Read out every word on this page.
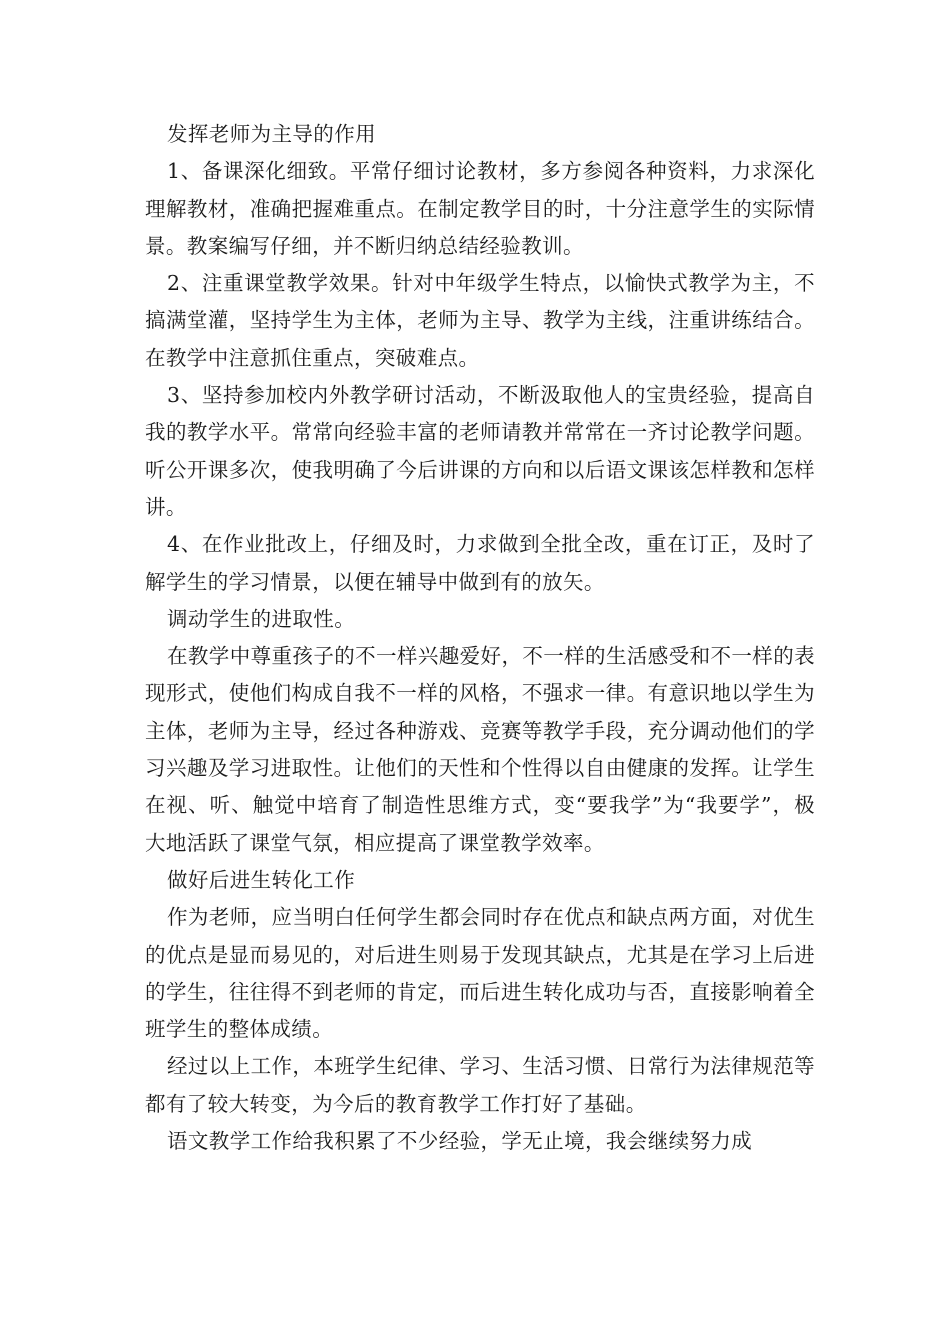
发挥老师为主导的作用

1、备课深化细致。平常仔细讨论教材，多方参阅各种资料，力求深化理解教材，准确把握难重点。在制定教学目的时，十分注意学生的实际情景。教案编写仔细，并不断归纳总结经验教训。

2、注重课堂教学效果。针对中年级学生特点，以愉快式教学为主，不搞满堂灌，坚持学生为主体，老师为主导、教学为主线，注重讲练结合。在教学中注意抓住重点，突破难点。

3、坚持参加校内外教学研讨活动，不断汲取他人的宝贵经验，提高自我的教学水平。常常向经验丰富的老师请教并常常在一齐讨论教学问题。听公开课多次，使我明确了今后讲课的方向和以后语文课该怎样教和怎样讲。

4、在作业批改上，仔细及时，力求做到全批全改，重在订正，及时了解学生的学习情景，以便在辅导中做到有的放矢。

调动学生的进取性。

在教学中尊重孩子的不一样兴趣爱好，不一样的生活感受和不一样的表现形式，使他们构成自我不一样的风格，不强求一律。有意识地以学生为主体，老师为主导，经过各种游戏、竞赛等教学手段，充分调动他们的学习兴趣及学习进取性。让他们的天性和个性得以自由健康的发挥。让学生在视、听、触觉中培育了制造性思维方式，变“要我学”为“我要学”，极大地活跃了课堂气氛，相应提高了课堂教学效率。

做好后进生转化工作

作为老师，应当明白任何学生都会同时存在优点和缺点两方面，对优生的优点是显而易见的，对后进生则易于发现其缺点，尤其是在学习上后进的学生，往往得不到老师的肯定，而后进生转化成功与否，直接影响着全班学生的整体成绩。

经过以上工作，本班学生纪律、学习、生活习惯、日常行为法律规范等都有了较大转变，为今后的教育教学工作打好了基础。

语文教学工作给我积累了不少经验，学无止境，我会继续努力成
